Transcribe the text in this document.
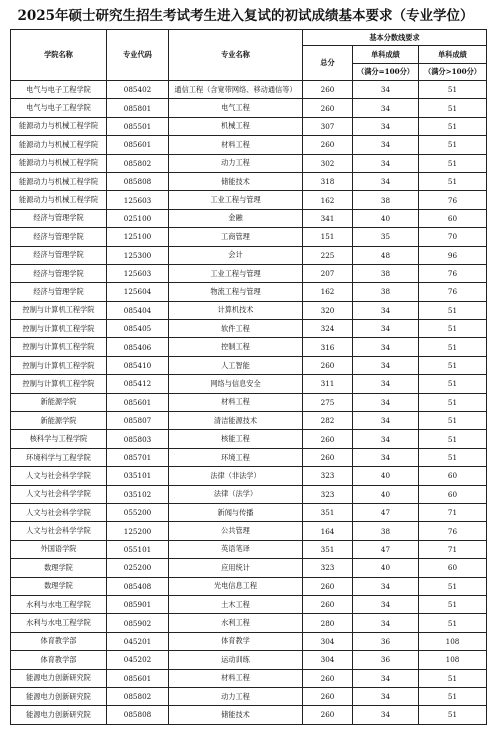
2025年硕士研究生招生考试考生进入复试的初试成绩基本要求（专业学位）
学院名称	专业代码	专业名称	基本分数线要求		
			总分	单科成绩	单科成绩
				（满分=100分）	（满分>100分）
电气与电子工程学院	085402	通信工程（含宽带网络、移动通信等）	260	34	51
电气与电子工程学院	085801	电气工程	260	34	51
能源动力与机械工程学院	085501	机械工程	307	34	51
能源动力与机械工程学院	085601	材料工程	260	34	51
能源动力与机械工程学院	085802	动力工程	302	34	51
能源动力与机械工程学院	085808	储能技术	318	34	51
能源动力与机械工程学院	125603	工业工程与管理	162	38	76
经济与管理学院	025100	金融	341	40	60
经济与管理学院	125100	工商管理	151	35	70
经济与管理学院	125300	会计	225	48	96
经济与管理学院	125603	工业工程与管理	207	38	76
经济与管理学院	125604	物流工程与管理	162	38	76
控制与计算机工程学院	085404	计算机技术	320	34	51
控制与计算机工程学院	085405	软件工程	324	34	51
控制与计算机工程学院	085406	控制工程	316	34	51
控制与计算机工程学院	085410	人工智能	260	34	51
控制与计算机工程学院	085412	网络与信息安全	311	34	51
新能源学院	085601	材料工程	275	34	51
新能源学院	085807	清洁能源技术	282	34	51
核科学与工程学院	085803	核能工程	260	34	51
环境科学与工程学院	085701	环境工程	260	34	51
人文与社会科学学院	035101	法律（非法学）	323	40	60
人文与社会科学学院	035102	法律（法学）	323	40	60
人文与社会科学学院	055200	新闻与传播	351	47	71
人文与社会科学学院	125200	公共管理	164	38	76
外国语学院	055101	英语笔译	351	47	71
数理学院	025200	应用统计	323	40	60
数理学院	085408	光电信息工程	260	34	51
水利与水电工程学院	085901	土木工程	260	34	51
水利与水电工程学院	085902	水利工程	280	34	51
体育教学部	045201	体育教学	304	36	108
体育教学部	045202	运动训练	304	36	108
能源电力创新研究院	085601	材料工程	260	34	51
能源电力创新研究院	085802	动力工程	260	34	51
能源电力创新研究院	085808	储能技术	260	34	51
